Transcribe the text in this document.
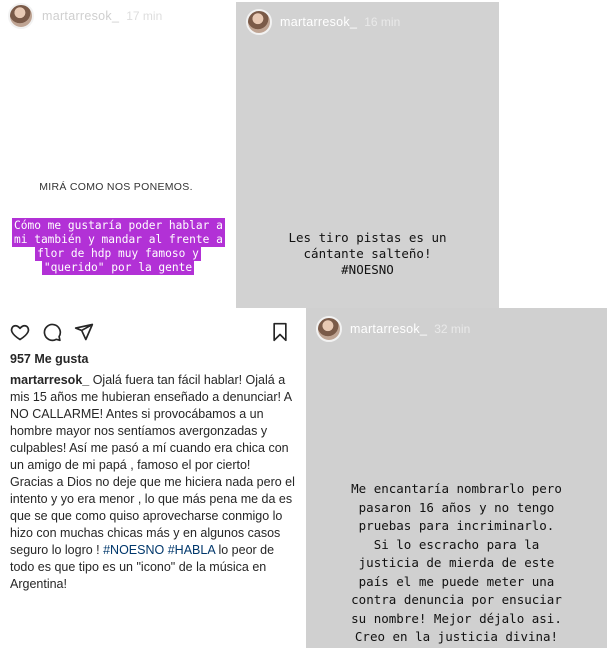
martarresok_ 17 min
MIRÁ COMO NOS PONEMOS.
Cómo me gustaría poder hablar a mi también y mandar al frente a flor de hdp muy famoso y "querido" por la gente
martarresok_ 16 min
Les tiro pistas es un
cántante salteño!
#NOESNO
957 Me gusta
martarresok_ Ojalá fuera tan fácil hablar! Ojalá a mis 15 años me hubieran enseñado a denunciar! A NO CALLARME! Antes si provocábamos a un hombre mayor nos sentíamos avergonzadas y culpables! Así me pasó a mí cuando era chica con un amigo de mi papá , famoso el por cierto! Gracias a Dios no deje que me hiciera nada pero el intento y yo era menor , lo que más pena me da es que se que como quiso aprovecharse conmigo lo hizo con muchas chicas más y en algunos casos seguro lo logro ! #NOESNO #HABLA lo peor de todo es que tipo es un "icono" de la música en Argentina!
martarresok_ 32 min
Me encantaría nombrarlo pero
pasaron 16 años y no tengo
pruebas para incriminarlo.
Si lo escracho para la
justicia de mierda de este
país el me puede meter una
contra denuncia por ensuciar
su nombre! Mejor déjalo asi.
Creo en la justicia divina!
